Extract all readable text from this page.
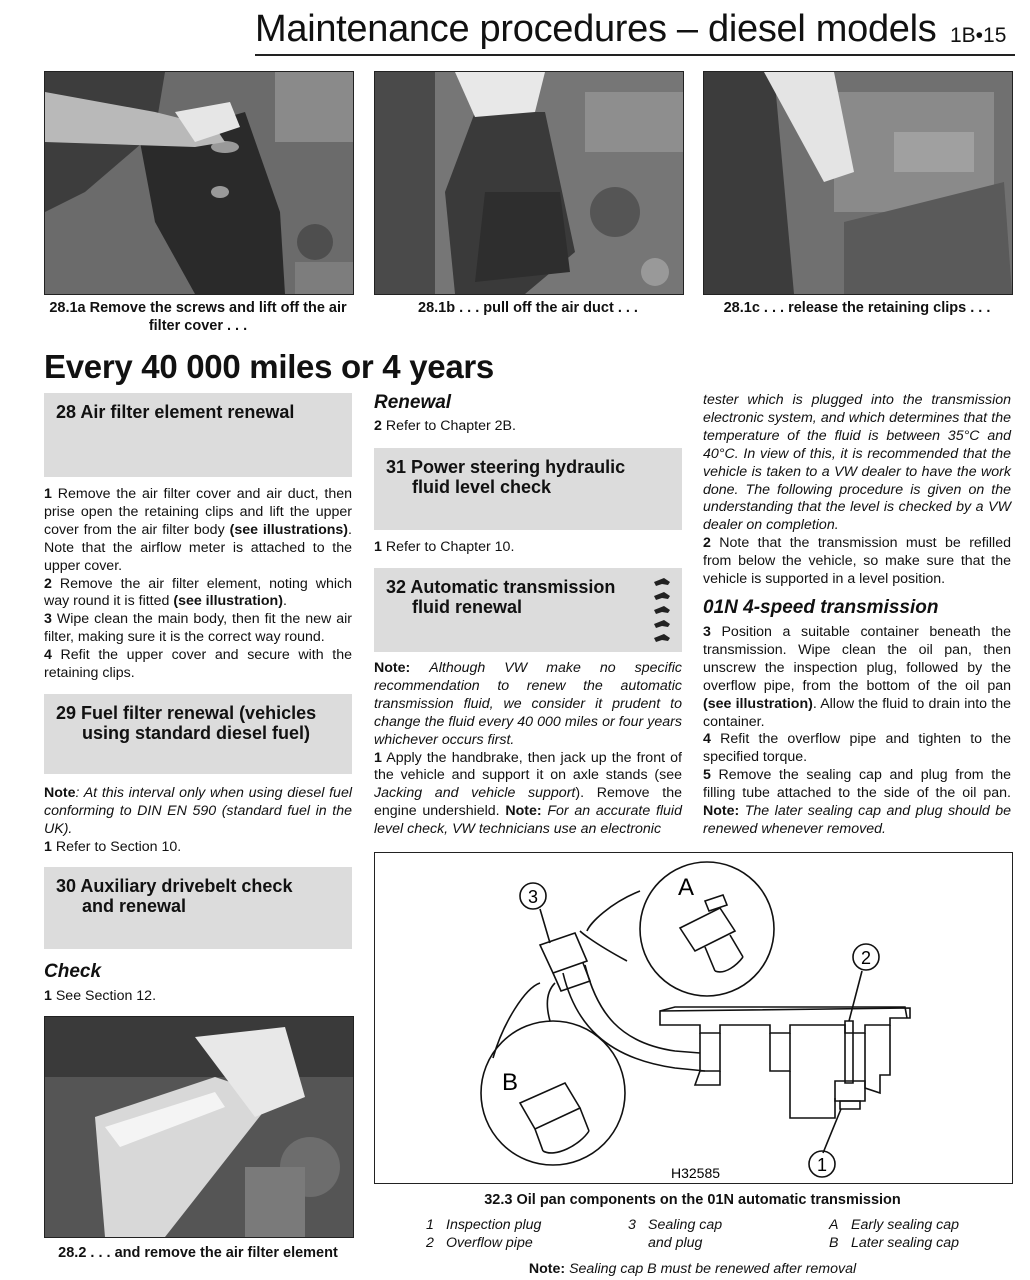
Maintenance procedures – diesel models 1B•15
28.1a Remove the screws and lift off the air filter cover . . .
28.1b . . . pull off the air duct . . .	28.1c . . . release the retaining clips . . .
Every 40 000 miles or 4 years
28 Air filter element renewal

1 Remove the air filter cover and air duct, then prise open the retaining clips and lift the upper cover from the air filter body (see illustrations). Note that the airflow meter is attached to the upper cover.

2 Remove the air filter element, noting which way round it is fitted (see illustration).

3 Wipe clean the main body, then fit the new air filter, making sure it is the correct way round.

4 Refit the upper cover and secure with the retaining clips.

29 Fuel filter renewal (vehicles
using standard diesel fuel)

Note: At this interval only when using diesel fuel conforming to DIN EN 590 (standard fuel in the UK).

1 Refer to Section 10.

30 Auxiliary drivebelt check
and renewal
Check

1 See Section 12.

28.2 . . . and remove the air filter element
Renewal

2 Refer to Chapter 2B.

31 Power steering hydraulic
fluid level check

1 Refer to Chapter 10.

32 Automatic transmission
fluid renewal

Note: Although VW make no specific recommendation to renew the automatic transmission fluid, we consider it prudent to change the fluid every 40 000 miles or four years whichever occurs first.

1 Apply the handbrake, then jack up the front of the vehicle and support it on axle stands (see Jacking and vehicle support). Remove the engine undershield. Note: For an accurate fluid level check, VW technicians use an electronic

tester which is plugged into the transmission electronic system, and which determines that the temperature of the fluid is between 35°C and 40°C. In view of this, it is recommended that the vehicle is taken to a VW dealer to have the work done. The following procedure is given on the understanding that the level is checked by a VW dealer on completion.

2 Note that the transmission must be refilled from below the vehicle, so make sure that the vehicle is supported in a level position.

01N 4-speed transmission

3 Position a suitable container beneath the transmission. Wipe clean the oil pan, then unscrew the inspection plug, followed by the overflow pipe, from the bottom of the oil pan (see illustration). Allow the fluid to drain into the container.

4 Refit the overflow pipe and tighten to the specified torque.

5 Remove the sealing cap and plug from the filling tube attached to the side of the oil pan. Note: The later sealing cap and plug should be renewed whenever removed.

3
2
1
A
B
H32585
32.3 Oil pan components on the 01N automatic transmission
1 Inspection plug
2 Overflow pipe
3 Sealing cap
and plug
A Early sealing cap
B Later sealing cap
Note: Sealing cap B must be renewed after removal
